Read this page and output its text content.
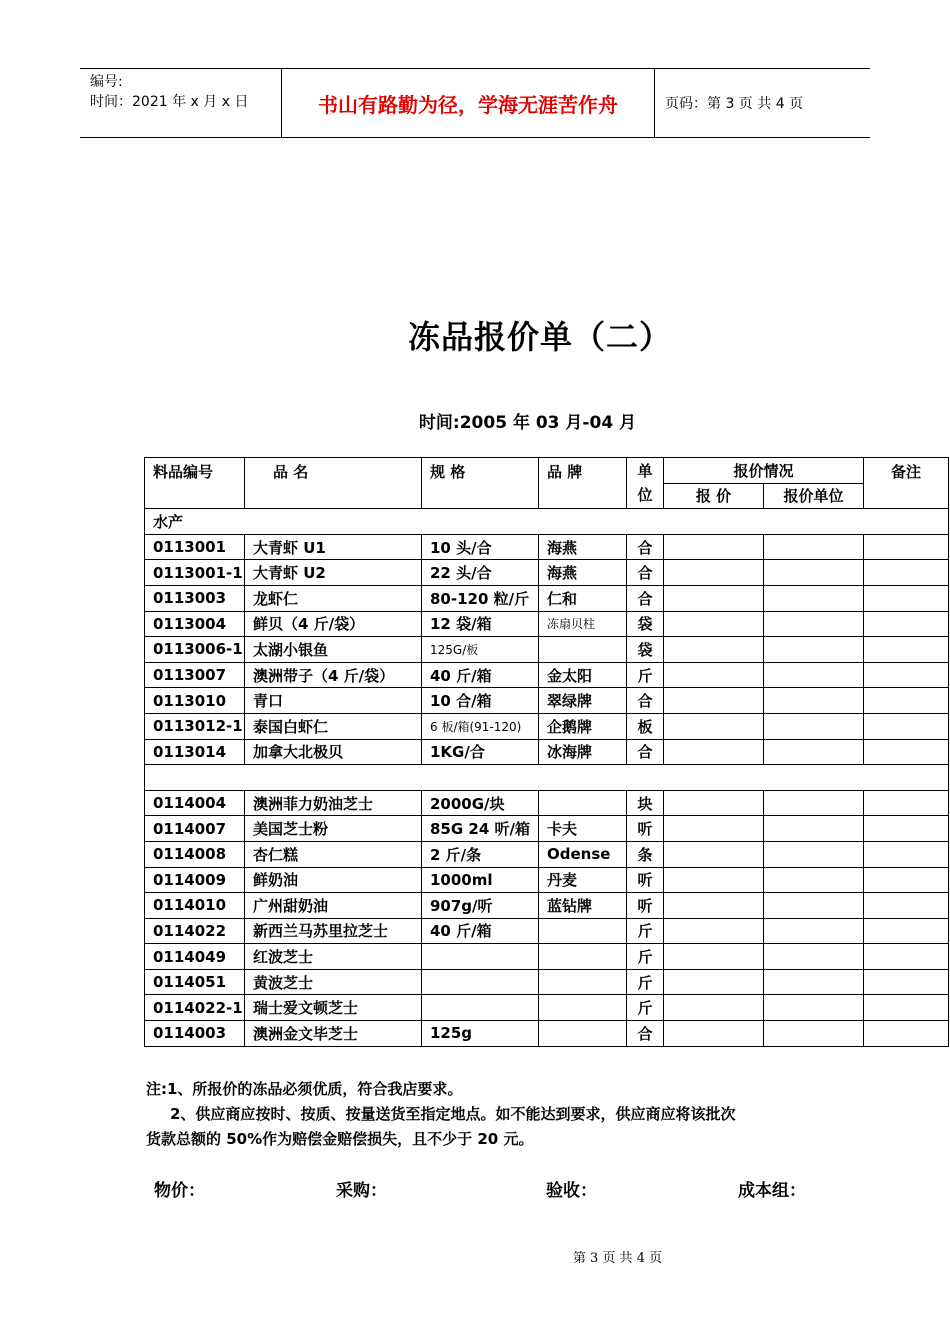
编号:
时间：2021 年 x 月 x 日	书山有路勤为径，学海无涯苦作舟	页码：第 3 页 共 4 页
冻品报价单（二）
时间:2005 年 03 月-04 月
料品编号	品 名	规 格	品 牌	单位	报价情况		备注
					报 价	报价单位	
水产							
0113001	大青虾 U1	10 头/合	海燕	合			
0113001-1	大青虾 U2	22 头/合	海燕	合			
0113003	龙虾仁	80-120 粒/斤	仁和	合			
0113004	鲜贝（4 斤/袋）	12 袋/箱	冻扇贝柱	袋			
0113006-1	太湖小银鱼	125G/板		袋			
0113007	澳洲带子（4 斤/袋）	40 斤/箱	金太阳	斤			
0113010	青口	10 合/箱	翠绿牌	合			
0113012-1	泰国白虾仁	6 板/箱(91-120)	企鹅牌	板			
0113014	加拿大北极贝	1KG/合	冰海牌	合			

0114004	澳洲菲力奶油芝士	2000G/块		块			
0114007	美国芝士粉	85G 24 听/箱	卡夫	听			
0114008	杏仁糕	2 斤/条	Odense	条			
0114009	鲜奶油	1000ml	丹麦	听			
0114010	广州甜奶油	907g/听	蓝钻牌	听			
0114022	新西兰马苏里拉芝士	40 斤/箱		斤			
0114049	红波芝士			斤			
0114051	黄波芝士			斤			
0114022-1	瑞士爱文顿芝士			斤			
0114003	澳洲金文毕芝士	125g		合			
注:1、所报价的冻品必须优质，符合我店要求。
2、供应商应按时、按质、按量送货至指定地点。如不能达到要求，供应商应将该批次
货款总额的 50%作为赔偿金赔偿损失，且不少于 20 元。
物价：	采购：	验收：	成本组：
第 3 页 共 4 页
